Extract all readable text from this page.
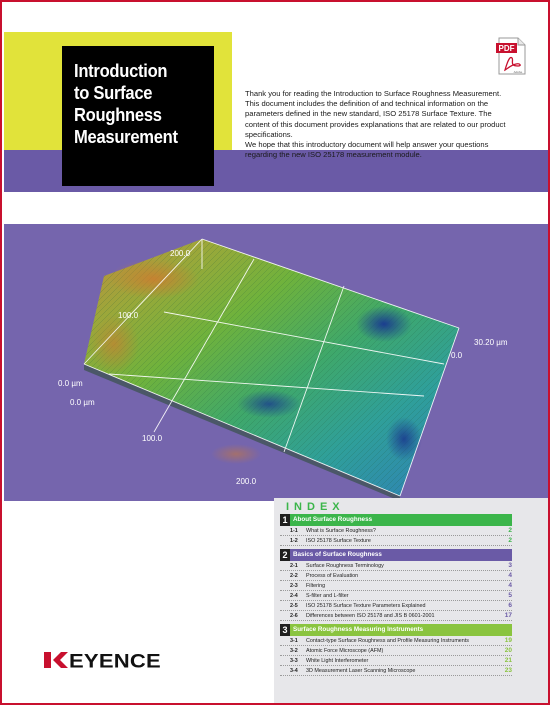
Introduction
to Surface
Roughness
Measurement

Thank you for reading the Introduction to Surface Roughness Measurement.

This document includes the definition of and technical information on the parameters defined in the new standard, ISO 25178 Surface Texture. The content of this document provides explanations that are related to our product specifications.

We hope that this introductory document will help answer your questions regarding the new ISO 25178 measurement module.

PDF
Adobe
200.0
100.0
0.0 µm
0.0 µm
100.0
200.0
30.20 µm
0.0
INDEX
1 About Surface Roughness
1-1	What is Surface Roughness?	2
1-2	ISO 25178 Surface Texture	2
2 Basics of Surface Roughness
2-1	Surface Roughness Terminology	3
2-2	Process of Evaluation	4
2-3	Filtering	4
2-4	S-filter and L-filter	5
2-5	ISO 25178 Surface Texture Parameters Explained	6
2-6	Differences between ISO 25178 and JIS B 0601-2001	17
3 Surface Roughness Measuring Instruments
3-1	Contact-type Surface Roughness and Profile Measuring Instruments	19
3-2	Atomic Force Microscope (AFM)	20
3-3	White Light Interferometer	21
3-4	3D Measurement Laser Scanning Microscope	23
EYENCE
